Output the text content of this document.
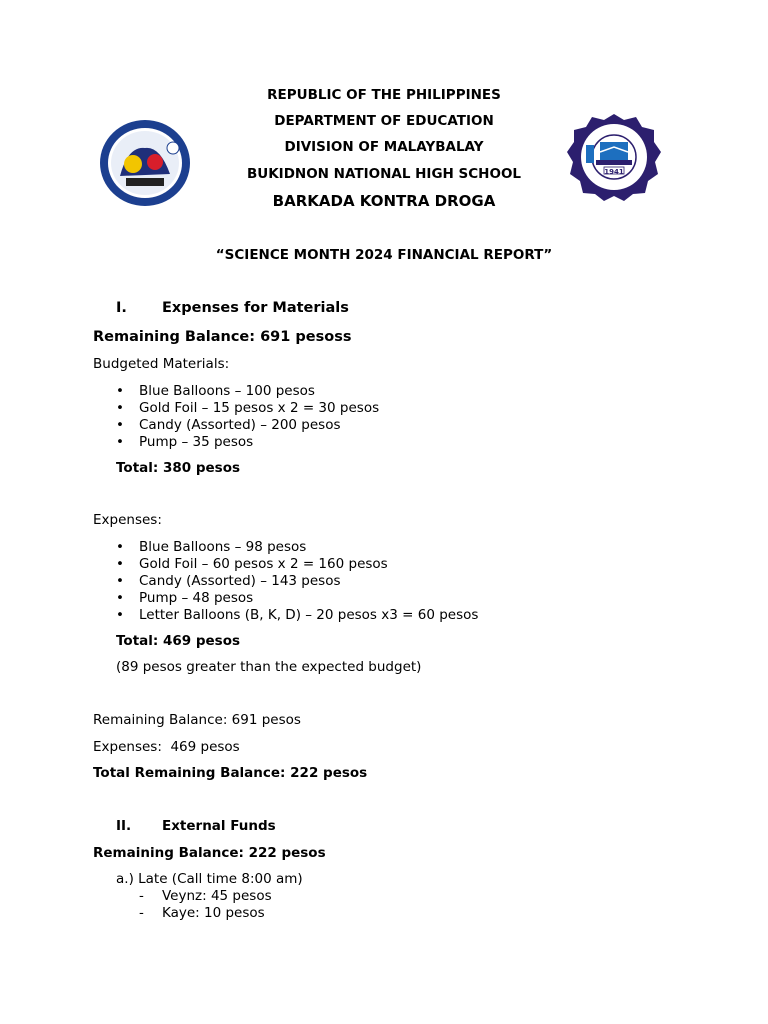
1941
REPUBLIC OF THE PHILIPPINES
DEPARTMENT OF EDUCATION
DIVISION OF MALAYBALAY
BUKIDNON NATIONAL HIGH SCHOOL
BARKADA KONTRA DROGA
“SCIENCE MONTH 2024 FINANCIAL REPORT”
I. Expenses for Materials
Remaining Balance: 691 pesoss
Budgeted Materials:
• Blue Balloons – 100 pesos
• Gold Foil – 15 pesos x 2 = 30 pesos
• Candy (Assorted) – 200 pesos
• Pump – 35 pesos
Total: 380 pesos
Expenses:
• Blue Balloons – 98 pesos
• Gold Foil – 60 pesos x 2 = 160 pesos
• Candy (Assorted) – 143 pesos
• Pump – 48 pesos
• Letter Balloons (B, K, D) – 20 pesos x3 = 60 pesos
Total: 469 pesos
(89 pesos greater than the expected budget)
Remaining Balance: 691 pesos
Expenses:  469 pesos
Total Remaining Balance: 222 pesos
II. External Funds
Remaining Balance: 222 pesos
a.) Late (Call time 8:00 am)
- Veynz: 45 pesos
- Kaye: 10 pesos
